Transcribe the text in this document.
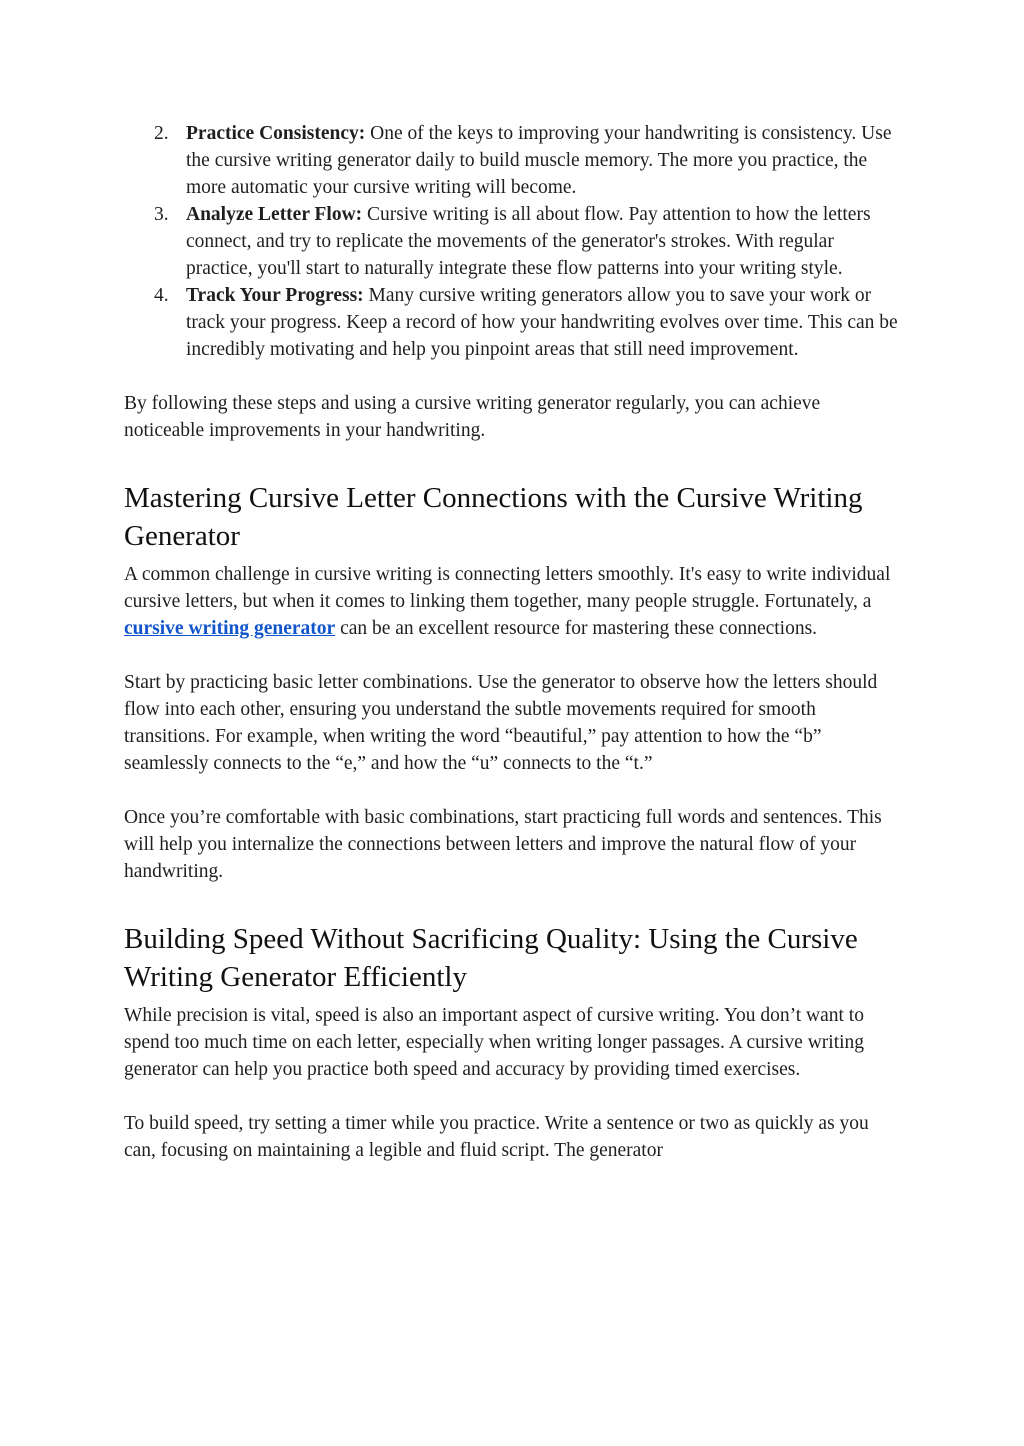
2. Practice Consistency: One of the keys to improving your handwriting is consistency. Use the cursive writing generator daily to build muscle memory. The more you practice, the more automatic your cursive writing will become.
3. Analyze Letter Flow: Cursive writing is all about flow. Pay attention to how the letters connect, and try to replicate the movements of the generator's strokes. With regular practice, you'll start to naturally integrate these flow patterns into your writing style.
4. Track Your Progress: Many cursive writing generators allow you to save your work or track your progress. Keep a record of how your handwriting evolves over time. This can be incredibly motivating and help you pinpoint areas that still need improvement.

By following these steps and using a cursive writing generator regularly, you can achieve noticeable improvements in your handwriting.

Mastering Cursive Letter Connections with the Cursive Writing Generator

A common challenge in cursive writing is connecting letters smoothly. It's easy to write individual cursive letters, but when it comes to linking them together, many people struggle. Fortunately, a cursive writing generator can be an excellent resource for mastering these connections.

Start by practicing basic letter combinations. Use the generator to observe how the letters should flow into each other, ensuring you understand the subtle movements required for smooth transitions. For example, when writing the word “beautiful,” pay attention to how the “b” seamlessly connects to the “e,” and how the “u” connects to the “t.”

Once you’re comfortable with basic combinations, start practicing full words and sentences. This will help you internalize the connections between letters and improve the natural flow of your handwriting.

Building Speed Without Sacrificing Quality: Using the Cursive Writing Generator Efficiently

While precision is vital, speed is also an important aspect of cursive writing. You don’t want to spend too much time on each letter, especially when writing longer passages. A cursive writing generator can help you practice both speed and accuracy by providing timed exercises.

To build speed, try setting a timer while you practice. Write a sentence or two as quickly as you can, focusing on maintaining a legible and fluid script. The generator
